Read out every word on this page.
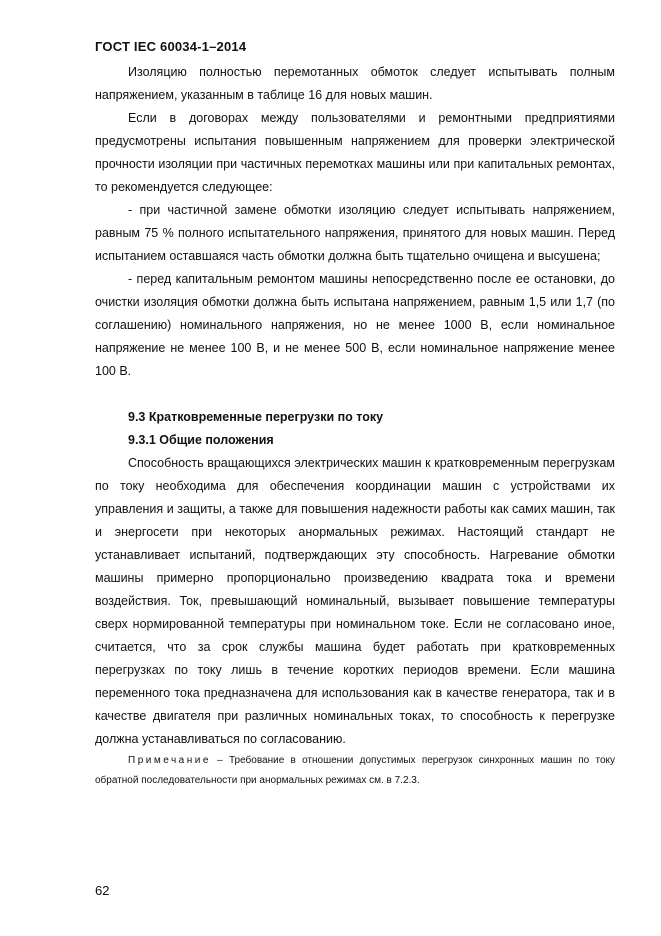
ГОСТ IEC 60034-1–2014

Изоляцию полностью перемотанных обмоток следует испытывать полным напряжением, указанным в таблице 16 для новых машин.

Если в договорах между пользователями и ремонтными предприятиями предусмотрены испытания повышенным напряжением для проверки электрической прочности изоляции при частичных перемотках машины или при капитальных ремонтах, то рекомендуется следующее:

- при частичной замене обмотки изоляцию следует испытывать напряжением, равным 75 % полного испытательного напряжения, принятого для новых машин. Перед испытанием оставшаяся часть обмотки должна быть тщательно очищена и высушена;

- перед капитальным ремонтом машины непосредственно после ее остановки, до очистки изоляция обмотки должна быть испытана напряжением, равным 1,5 или 1,7 (по соглашению) номинального напряжения, но не менее 1000 В, если номинальное напряжение не менее 100 В, и не менее 500 В, если номинальное напряжение менее 100 В.

9.3 Кратковременные перегрузки по току
9.3.1 Общие положения

Способность вращающихся электрических машин к кратковременным перегрузкам по току необходима для обеспечения координации машин с устройствами их управления и защиты, а также для повышения надежности работы как самих машин, так и энергосети при некоторых анормальных режимах. Настоящий стандарт не устанавливает испытаний, подтверждающих эту способность. Нагревание обмотки машины примерно пропорционально произведению квадрата тока и времени воздействия. Ток, превышающий номинальный, вызывает повышение температуры сверх нормированной температуры при номинальном токе. Если не согласовано иное, считается, что за срок службы машина будет работать при кратковременных перегрузках по току лишь в течение коротких периодов времени. Если машина переменного тока предназначена для использования как в качестве генератора, так и в качестве двигателя при различных номинальных токах, то способность к перегрузке должна устанавливаться по согласованию.

Примечание – Требование в отношении допустимых перегрузок синхронных машин по току обратной последовательности при анормальных режимах см. в 7.2.3.

62
